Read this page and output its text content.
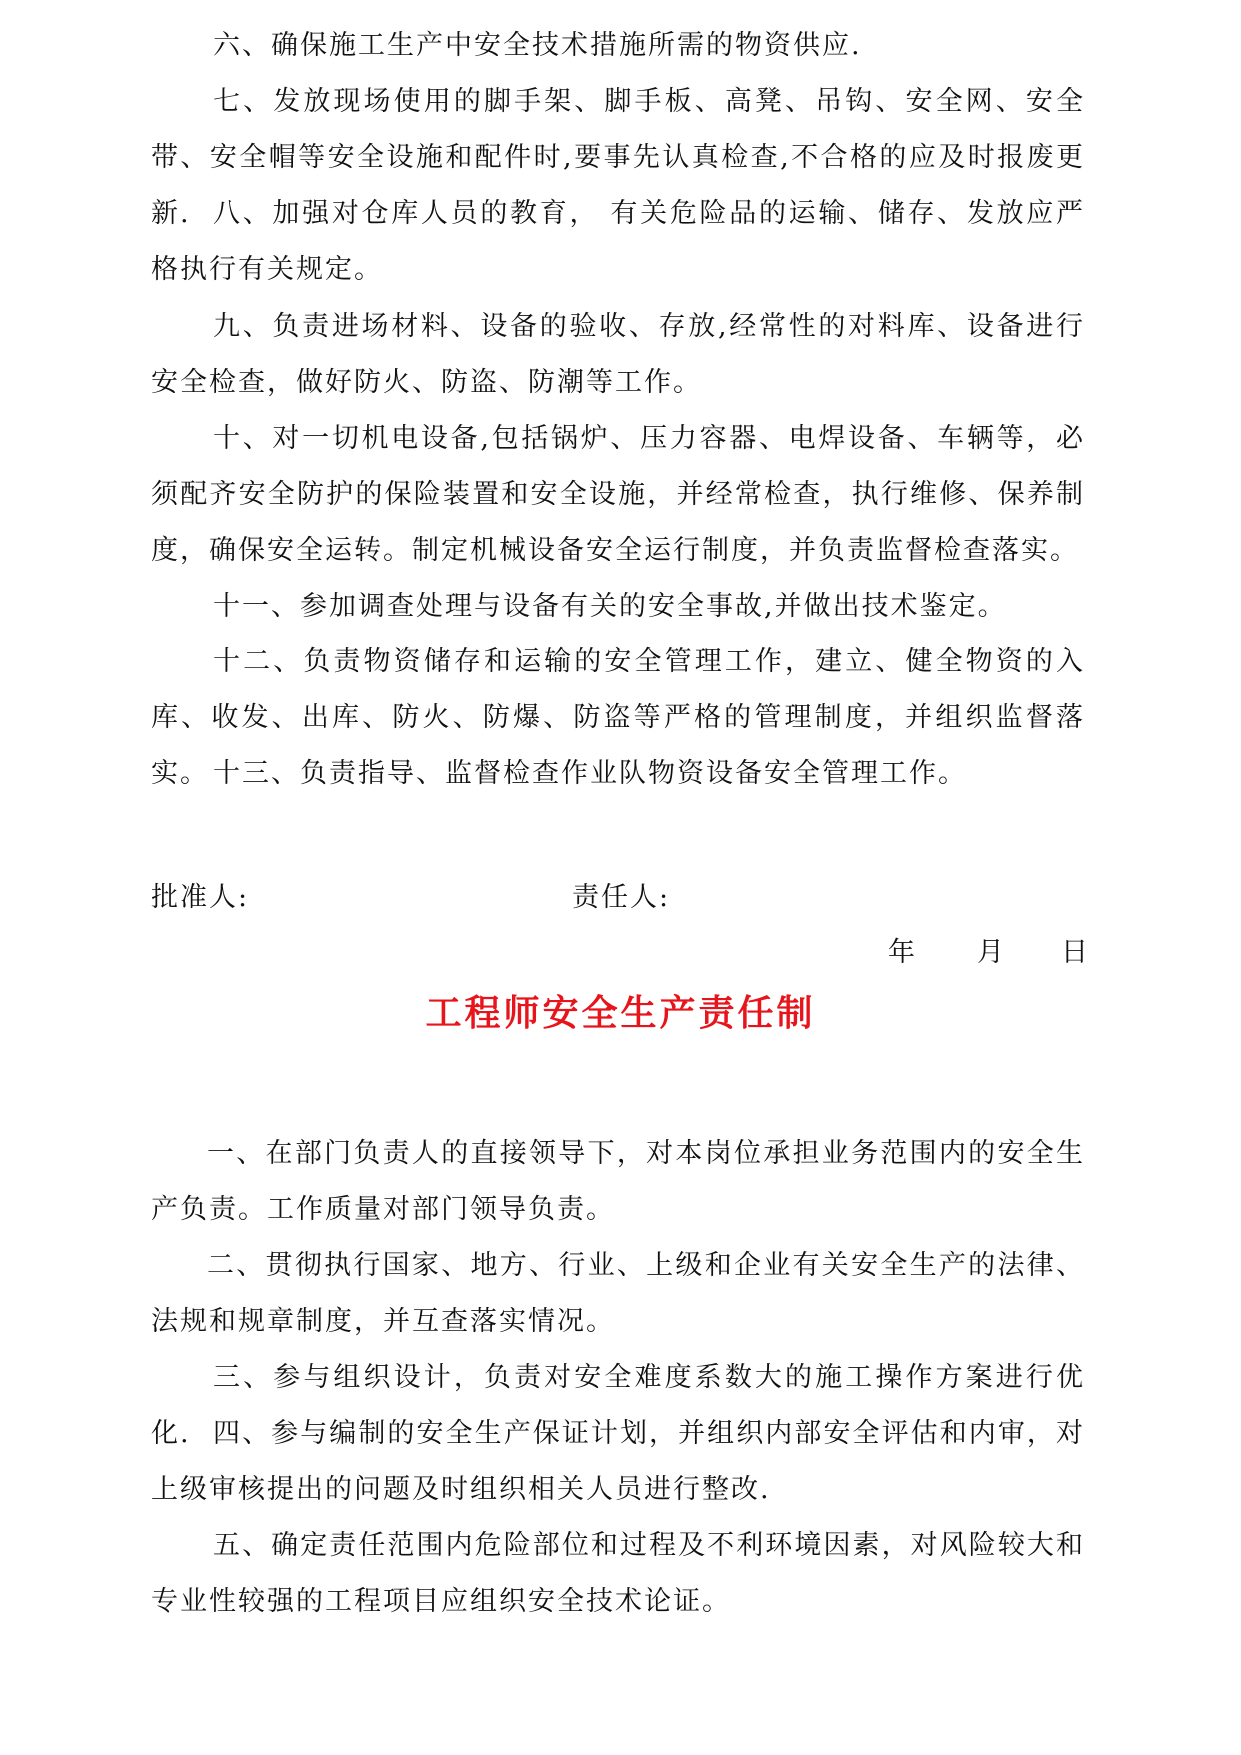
六、确保施工生产中安全技术措施所需的物资供应.

七、发放现场使用的脚手架、脚手板、高凳、吊钩、安全网、安全带、安全帽等安全设施和配件时,要事先认真检查,不合格的应及时报废更新. 八、加强对仓库人员的教育， 有关危险品的运输、储存、发放应严格执行有关规定。

九、负责进场材料、设备的验收、存放,经常性的对料库、设备进行安全检查，做好防火、防盗、防潮等工作。

十、对一切机电设备,包括锅炉、压力容器、电焊设备、车辆等，必须配齐安全防护的保险装置和安全设施，并经常检查，执行维修、保养制度，确保安全运转。制定机械设备安全运行制度，并负责监督检查落实。

十一、参加调查处理与设备有关的安全事故,并做出技术鉴定。

十二、负责物资储存和运输的安全管理工作，建立、健全物资的入库、收发、出库、防火、防爆、防盗等严格的管理制度，并组织监督落实。 十三、负责指导、监督检查作业队物资设备安全管理工作。

批准人:	责任人:
年 月 日
工程师安全生产责任制

一、在部门负责人的直接领导下，对本岗位承担业务范围内的安全生产负责。工作质量对部门领导负责。

二、贯彻执行国家、地方、行业、上级和企业有关安全生产的法律、法规和规章制度，并互查落实情况。

三、参与组织设计，负责对安全难度系数大的施工操作方案进行优化. 四、参与编制的安全生产保证计划，并组织内部安全评估和内审，对上级审核提出的问题及时组织相关人员进行整改.

五、确定责任范围内危险部位和过程及不利环境因素，对风险较大和专业性较强的工程项目应组织安全技术论证。
